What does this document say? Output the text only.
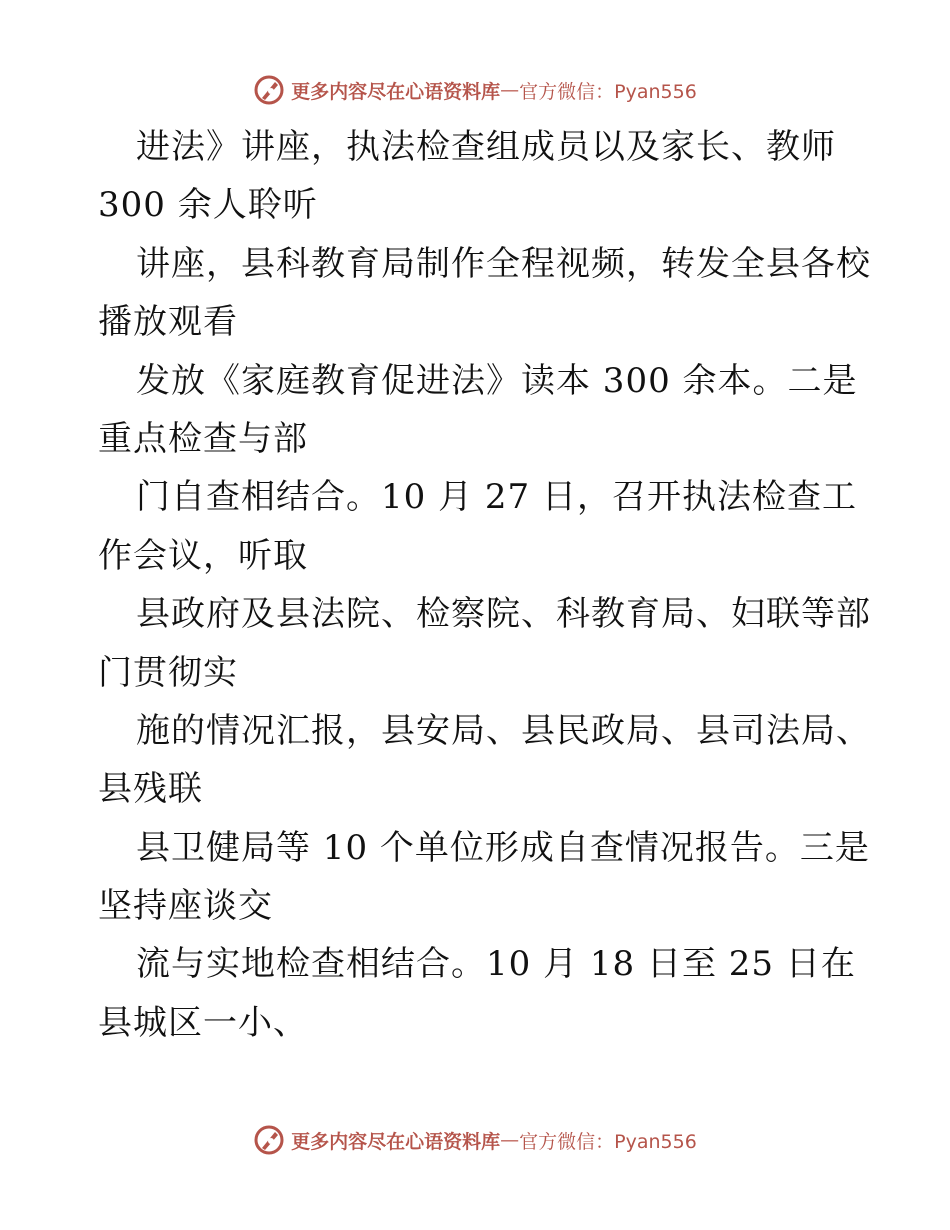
更多内容尽在心语资料库 — 官方微信：Pyan556
进法》讲座，执法检查组成员以及家长、教师
300 余人聆听
讲座，县科教育局制作全程视频，转发全县各校
播放观看
发放《家庭教育促进法》读本 300 余本。二是
重点检查与部
门自查相结合。10 月 27 日，召开执法检查工
作会议，听取
县政府及县法院、检察院、科教育局、妇联等部
门贯彻实
施的情况汇报，县安局、县民政局、县司法局、
县残联
县卫健局等 10 个单位形成自查情况报告。三是
坚持座谈交
流与实地检查相结合。10 月 18 日至 25 日在
县城区一小、
更多内容尽在心语资料库 — 官方微信：Pyan556
